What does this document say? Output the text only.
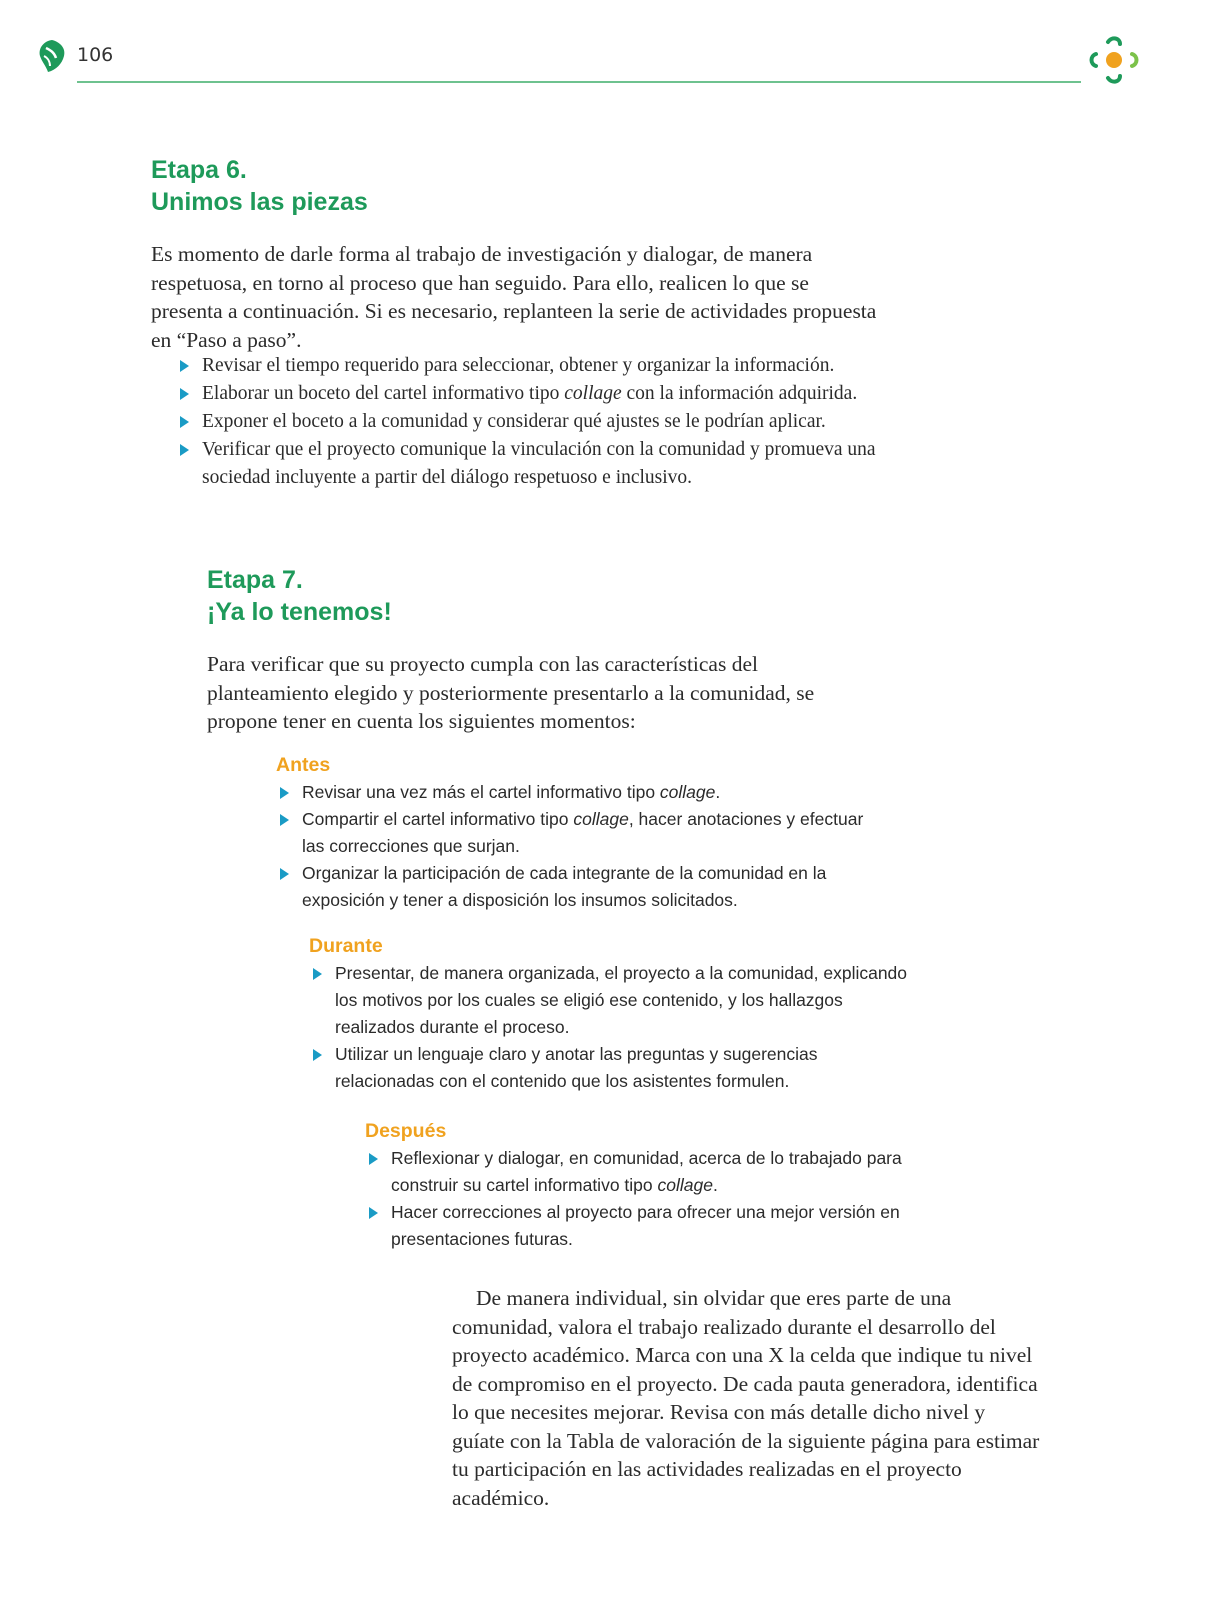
106
Etapa 6.
Unimos las piezas

Es momento de darle forma al trabajo de investigación y dialogar, de manera respetuosa, en torno al proceso que han seguido. Para ello, realicen lo que se presenta a continuación. Si es necesario, replanteen la serie de actividades propuesta en “Paso a paso”.

Revisar el tiempo requerido para seleccionar, obtener y organizar la información.
Elaborar un boceto del cartel informativo tipo collage con la información adquirida.
Exponer el boceto a la comunidad y considerar qué ajustes se le podrían aplicar.
Verificar que el proyecto comunique la vinculación con la comunidad y promueva una sociedad incluyente a partir del diálogo respetuoso e inclusivo.
Etapa 7.
¡Ya lo tenemos!

Para verificar que su proyecto cumpla con las características del planteamiento elegido y posteriormente presentarlo a la comunidad, se propone tener en cuenta los siguientes momentos:

Antes
Revisar una vez más el cartel informativo tipo collage.
Compartir el cartel informativo tipo collage, hacer anotaciones y efectuar las correcciones que surjan.
Organizar la participación de cada integrante de la comunidad en la exposición y tener a disposición los insumos solicitados.
Durante
Presentar, de manera organizada, el proyecto a la comunidad, explicando los motivos por los cuales se eligió ese contenido, y los hallazgos realizados durante el proceso.
Utilizar un lenguaje claro y anotar las preguntas y sugerencias relacionadas con el contenido que los asistentes formulen.
Después
Reflexionar y dialogar, en comunidad, acerca de lo trabajado para construir su cartel informativo tipo collage.
Hacer correcciones al proyecto para ofrecer una mejor versión en presentaciones futuras.

De manera individual, sin olvidar que eres parte de una comunidad, valora el trabajo realizado durante el desarrollo del proyecto académico. Marca con una X la celda que indique tu nivel de compromiso en el proyecto. De cada pauta generadora, identifica lo que necesites mejorar. Revisa con más detalle dicho nivel y guíate con la Tabla de valoración de la siguiente página para estimar tu participación en las actividades realizadas en el proyecto académico.
